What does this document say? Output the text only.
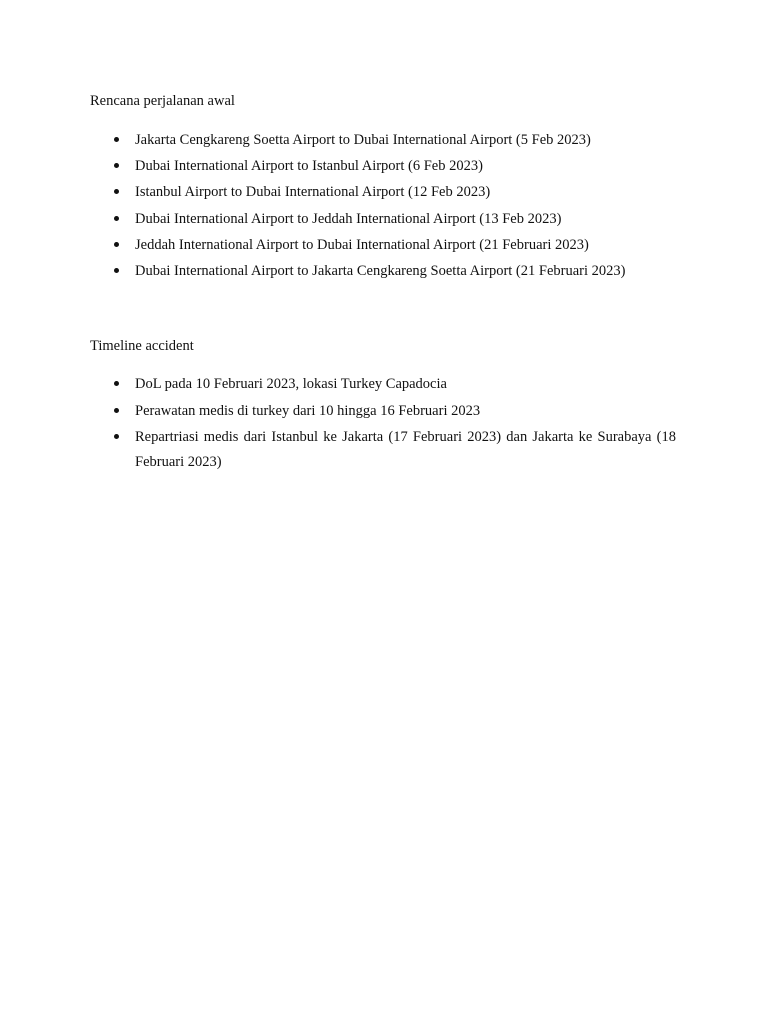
Rencana perjalanan awal
Jakarta Cengkareng Soetta Airport to Dubai International Airport (5 Feb 2023)
Dubai International Airport to Istanbul Airport (6 Feb 2023)
Istanbul Airport to Dubai International Airport (12 Feb 2023)
Dubai International Airport to Jeddah International Airport (13 Feb 2023)
Jeddah International Airport to Dubai International Airport (21 Februari 2023)
Dubai International Airport to Jakarta Cengkareng Soetta Airport (21 Februari 2023)
Timeline accident
DoL pada 10 Februari 2023, lokasi Turkey Capadocia
Perawatan medis di turkey dari 10 hingga 16 Februari 2023
Repartriasi medis dari Istanbul ke Jakarta (17 Februari 2023) dan Jakarta ke Surabaya (18 Februari 2023)
